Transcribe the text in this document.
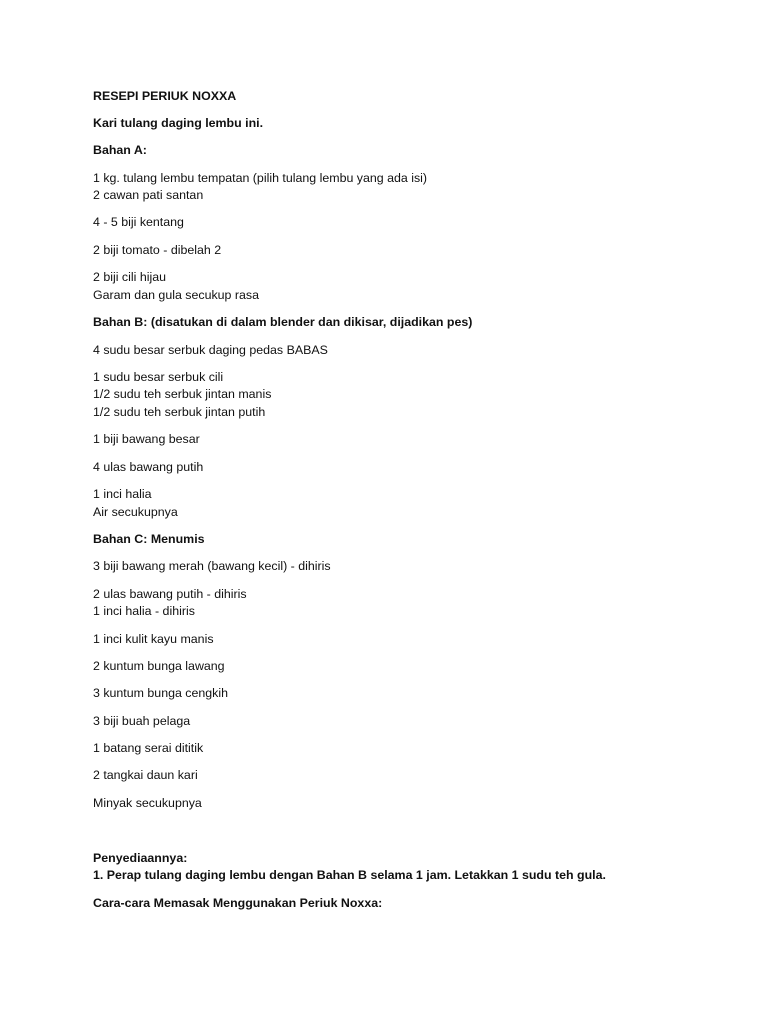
RESEPI PERIUK NOXXA
Kari tulang daging lembu ini.
Bahan A:
1 kg. tulang lembu tempatan (pilih tulang lembu yang ada isi)
2 cawan pati santan
4 - 5 biji kentang
2 biji tomato - dibelah 2
2 biji cili hijau
Garam dan gula secukup rasa
Bahan B: (disatukan di dalam blender dan dikisar, dijadikan pes)
4 sudu besar serbuk daging pedas BABAS
1 sudu besar serbuk cili
1/2 sudu teh serbuk jintan manis
1/2 sudu teh serbuk jintan putih
1 biji bawang besar
4 ulas bawang putih
1 inci halia
Air secukupnya
Bahan C: Menumis
3 biji bawang merah (bawang kecil) - dihiris
2 ulas bawang putih - dihiris
1 inci halia - dihiris
1 inci kulit kayu manis
2 kuntum bunga lawang
3 kuntum bunga cengkih
3 biji buah pelaga
1 batang serai dititik
2 tangkai daun kari
Minyak secukupnya
Penyediaannya:
1. Perap tulang daging lembu dengan Bahan B selama 1 jam. Letakkan 1 sudu teh gula.
Cara-cara Memasak Menggunakan Periuk Noxxa:
